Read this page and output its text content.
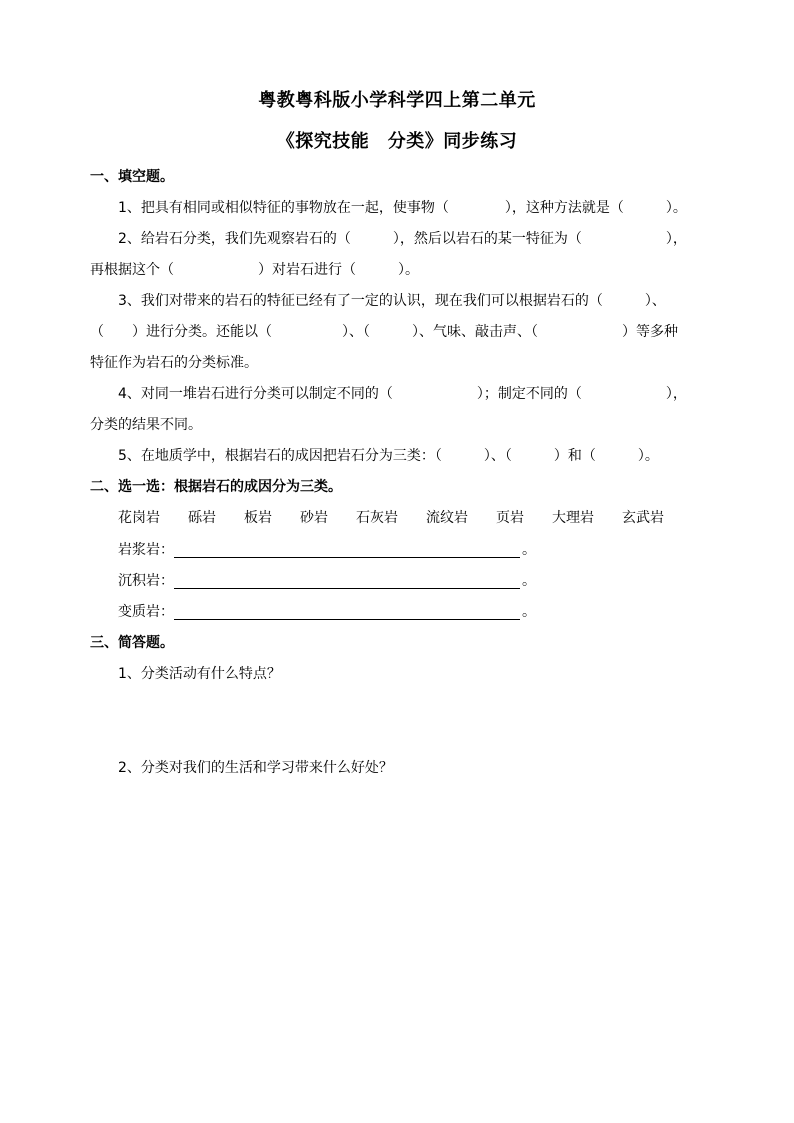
粤教粤科版小学科学四上第二单元
《探究技能　分类》同步练习
一、填空题。
1、把具有相同或相似特征的事物放在一起，使事物（　　　　），这种方法就是（　　　）。
2、给岩石分类，我们先观察岩石的（　　　），然后以岩石的某一特征为（　　　　　　），
再根据这个（　　　　　　）对岩石进行（　　　）。
3、我们对带来的岩石的特征已经有了一定的认识，现在我们可以根据岩石的（　　　）、
（　　）进行分类。还能以（　　　　　）、（　　　）、气味、敲击声、（　　　　　　）等多种
特征作为岩石的分类标准。
4、对同一堆岩石进行分类可以制定不同的（　　　　　　）；制定不同的（　　　　　　），
分类的结果不同。
5、在地质学中，根据岩石的成因把岩石分为三类：（　　　）、（　　　）和（　　　）。
二、选一选：根据岩石的成因分为三类。
花岗岩 砾岩 板岩 砂岩 石灰岩 流纹岩 页岩 大理岩 玄武岩
岩浆岩：	。
沉积岩：	。
变质岩：	。
三、简答题。
1、分类活动有什么特点？
2、分类对我们的生活和学习带来什么好处？
